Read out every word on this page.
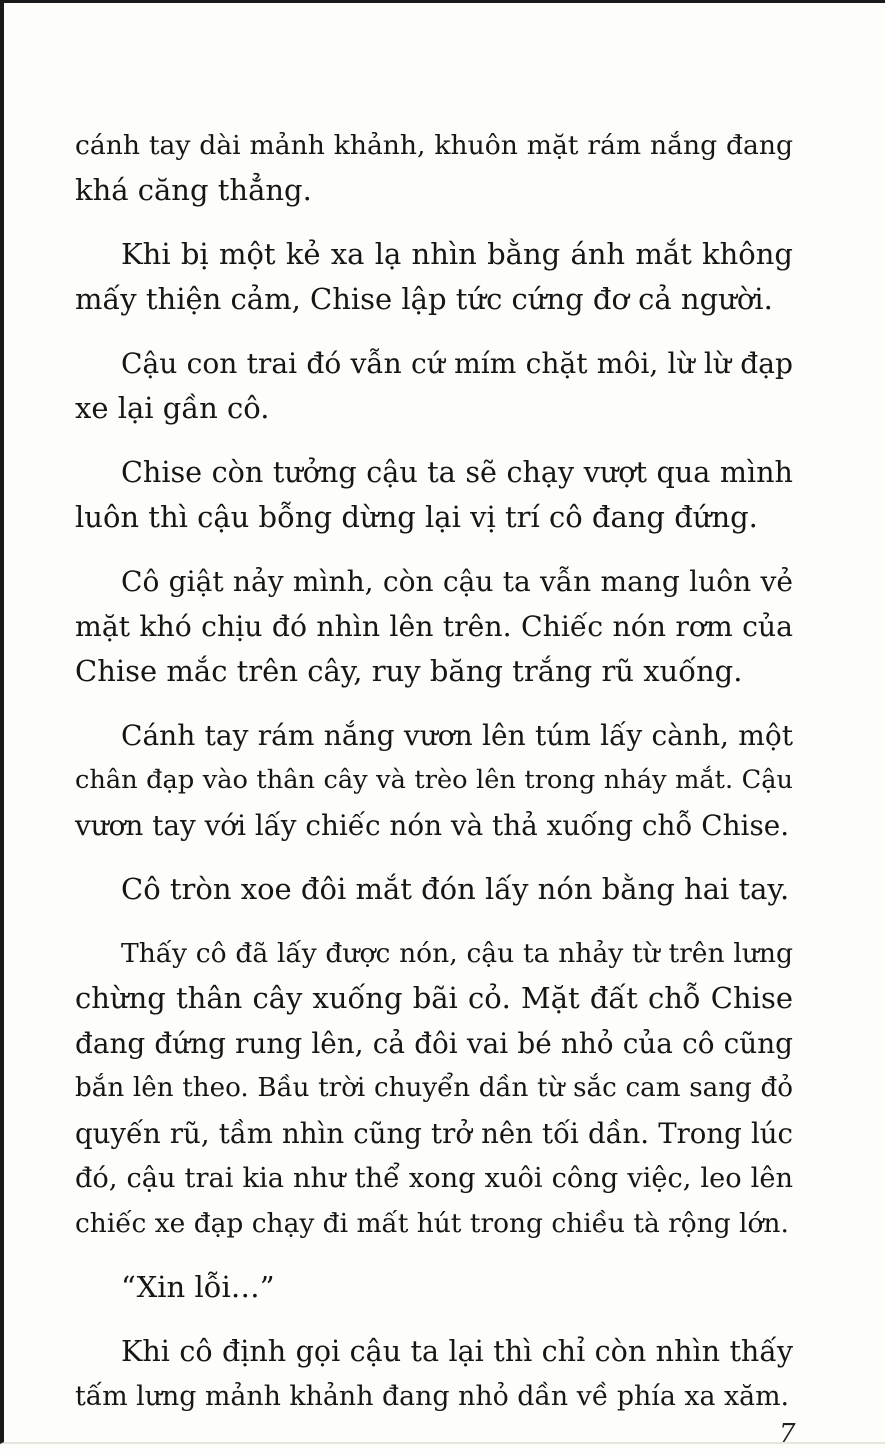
cánh tay dài mảnh khảnh, khuôn mặt rám nắng đang
khá căng thẳng.
Khi bị một kẻ xa lạ nhìn bằng ánh mắt không
mấy thiện cảm, Chise lập tức cứng đơ cả người.
Cậu con trai đó vẫn cứ mím chặt môi, lừ lừ đạp
xe lại gần cô.
Chise còn tưởng cậu ta sẽ chạy vượt qua mình
luôn thì cậu bỗng dừng lại vị trí cô đang đứng.
Cô giật nảy mình, còn cậu ta vẫn mang luôn vẻ
mặt khó chịu đó nhìn lên trên. Chiếc nón rơm của
Chise mắc trên cây, ruy băng trắng rũ xuống.
Cánh tay rám nắng vươn lên túm lấy cành, một
chân đạp vào thân cây và trèo lên trong nháy mắt. Cậu
vươn tay với lấy chiếc nón và thả xuống chỗ Chise.
Cô tròn xoe đôi mắt đón lấy nón bằng hai tay.
Thấy cô đã lấy được nón, cậu ta nhảy từ trên lưng
chừng thân cây xuống bãi cỏ. Mặt đất chỗ Chise
đang đứng rung lên, cả đôi vai bé nhỏ của cô cũng
bắn lên theo. Bầu trời chuyển dần từ sắc cam sang đỏ
quyến rũ, tầm nhìn cũng trở nên tối dần. Trong lúc
đó, cậu trai kia như thể xong xuôi công việc, leo lên
chiếc xe đạp chạy đi mất hút trong chiều tà rộng lớn.
“Xin lỗi…”
Khi cô định gọi cậu ta lại thì chỉ còn nhìn thấy
tấm lưng mảnh khảnh đang nhỏ dần về phía xa xăm.
7
